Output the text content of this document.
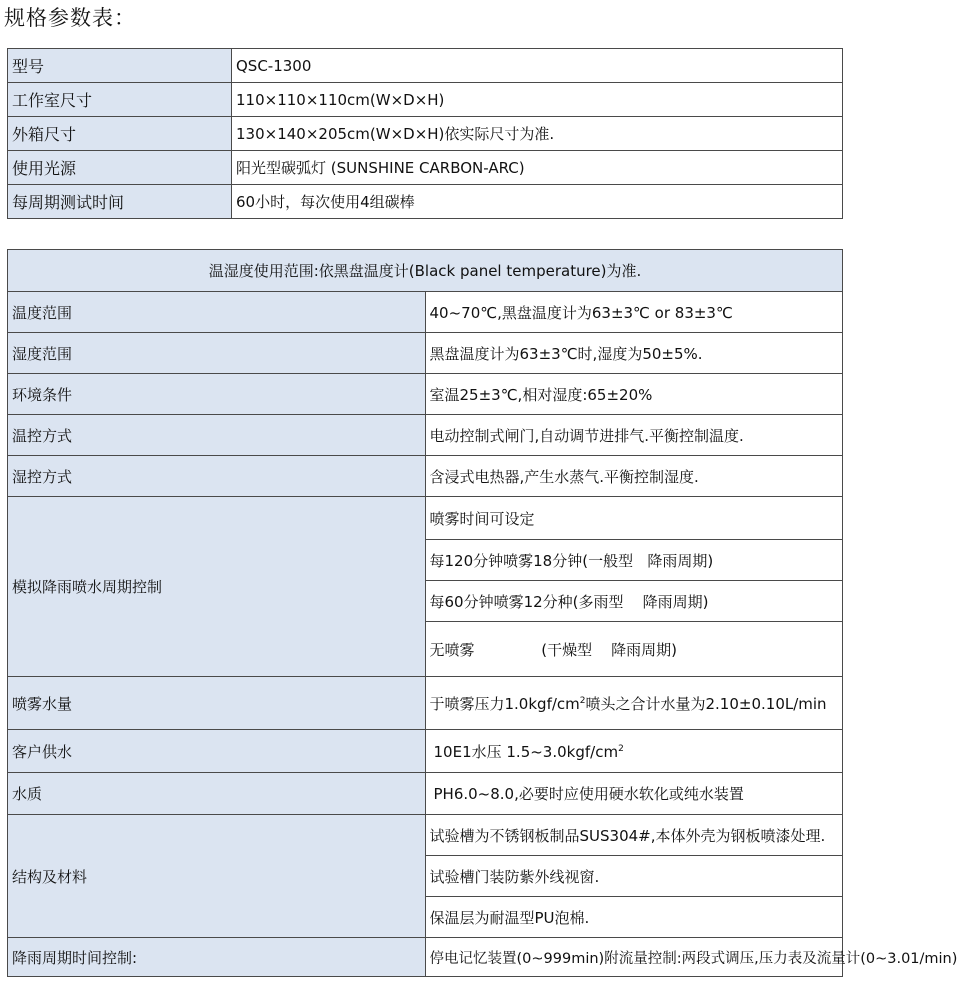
规格参数表：
型号	QSC-1300
工作室尺寸	110×110×110cm(W×D×H)
外箱尺寸	130×140×205cm(W×D×H)依实际尺寸为准.
使用光源	阳光型碳弧灯 (SUNSHINE CARBON-ARC)
每周期测试时间	60小时，每次使用4组碳棒
温湿度使用范围:依黑盘温度计(Black panel temperature)为准.	
温度范围	40~70℃,黑盘温度计为63±3℃ or 83±3℃
湿度范围	黑盘温度计为63±3℃时,湿度为50±5%.
环境条件	室温25±3℃,相对湿度:65±20%
温控方式	电动控制式闸门,自动调节进排气.平衡控制温度.
湿控方式	含浸式电热器,产生水蒸气.平衡控制湿度.
模拟降雨喷水周期控制	喷雾时间可设定
	每120分钟喷雾18分钟(一般型   降雨周期)
	每60分钟喷雾12分种(多雨型    降雨周期)
	无喷雾              (干燥型    降雨周期)
喷雾水量	于喷雾压力$1.0kgf/cm^2$喷头之合计水量为2.10±0.10L/min
客户供水	10E1水压 $1.5\sim 3.0kgf/cm^2$
水质	PH6.0~8.0,必要时应使用硬水软化或纯水装置
结构及材料	试验槽为不锈钢板制品SUS304#,本体外壳为钢板喷漆处理.
	试验槽门装防紫外线视窗.
	保温层为耐温型PU泡棉.
降雨周期时间控制:	停电记忆装置(0~999min)附流量控制:两段式调压,压力表及流量计(0~3.01/min)
